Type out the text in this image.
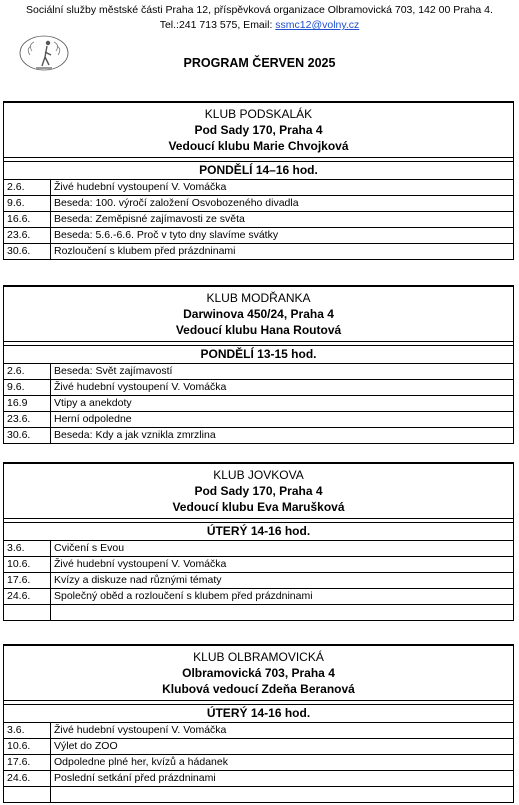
Sociální služby městské části Praha 12, příspěvková organizace Olbramovická 703, 142 00 Praha 4.
Tel.:241 713 575, Email: ssmc12@volny.cz
PROGRAM ČERVEN 2025
KLUB PODSKALÁK
Pod Sady 170, Praha 4
Vedoucí klubu Marie Chvojková
PONDĚLÍ 14–16 hod.
2.6.	Živé hudební vystoupení V. Vomáčka
9.6.	Beseda: 100. výročí založení Osvobozeného divadla
16.6.	Beseda: Zeměpisné zajímavosti ze světa
23.6.	Beseda: 5.6.-6.6. Proč v tyto dny slavíme svátky
30.6.	Rozloučení s klubem před prázdninami
KLUB MODŘANKA
Darwinova 450/24, Praha 4
Vedoucí klubu Hana Routová
PONDĚLÍ 13-15 hod.
2.6.	Beseda: Svět zajímavostí
9.6.	Živé hudební vystoupení V. Vomáčka
16.9	Vtipy a anekdoty
23.6.	Herní odpoledne
30.6.	Beseda: Kdy a jak vznikla zmrzlina
KLUB JOVKOVA
Pod Sady 170, Praha 4
Vedoucí klubu Eva Marušková
ÚTERÝ 14-16 hod.
3.6.	Cvičení s Evou
10.6.	Živé hudební vystoupení V. Vomáčka
17.6.	Kvízy a diskuze nad různými tématy
24.6.	Společný oběd a rozloučení s klubem před prázdninami

KLUB OLBRAMOVICKÁ
Olbramovická 703, Praha 4
Klubová vedoucí Zdeňa Beranová
ÚTERÝ 14-16 hod.
3.6.	Živé hudební vystoupení V. Vomáčka
10.6.	Výlet do ZOO
17.6.	Odpoledne plné her, kvízů a hádanek
24.6.	Poslední setkání před prázdninami
